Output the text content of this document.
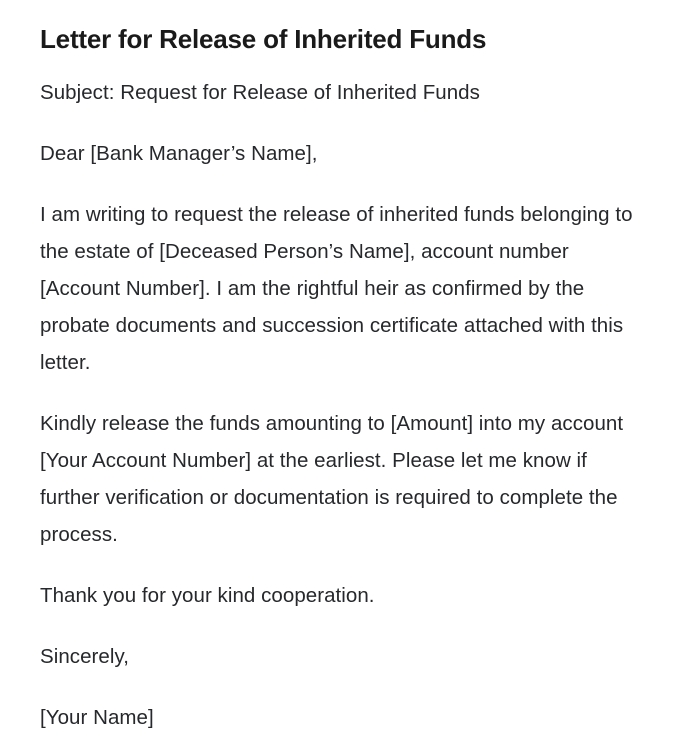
Letter for Release of Inherited Funds

Subject: Request for Release of Inherited Funds

Dear [Bank Manager’s Name],

I am writing to request the release of inherited funds belonging to the estate of [Deceased Person’s Name], account number [Account Number]. I am the rightful heir as confirmed by the probate documents and succession certificate attached with this letter.

Kindly release the funds amounting to [Amount] into my account [Your Account Number] at the earliest. Please let me know if further verification or documentation is required to complete the process.

Thank you for your kind cooperation.

Sincerely,

[Your Name]
